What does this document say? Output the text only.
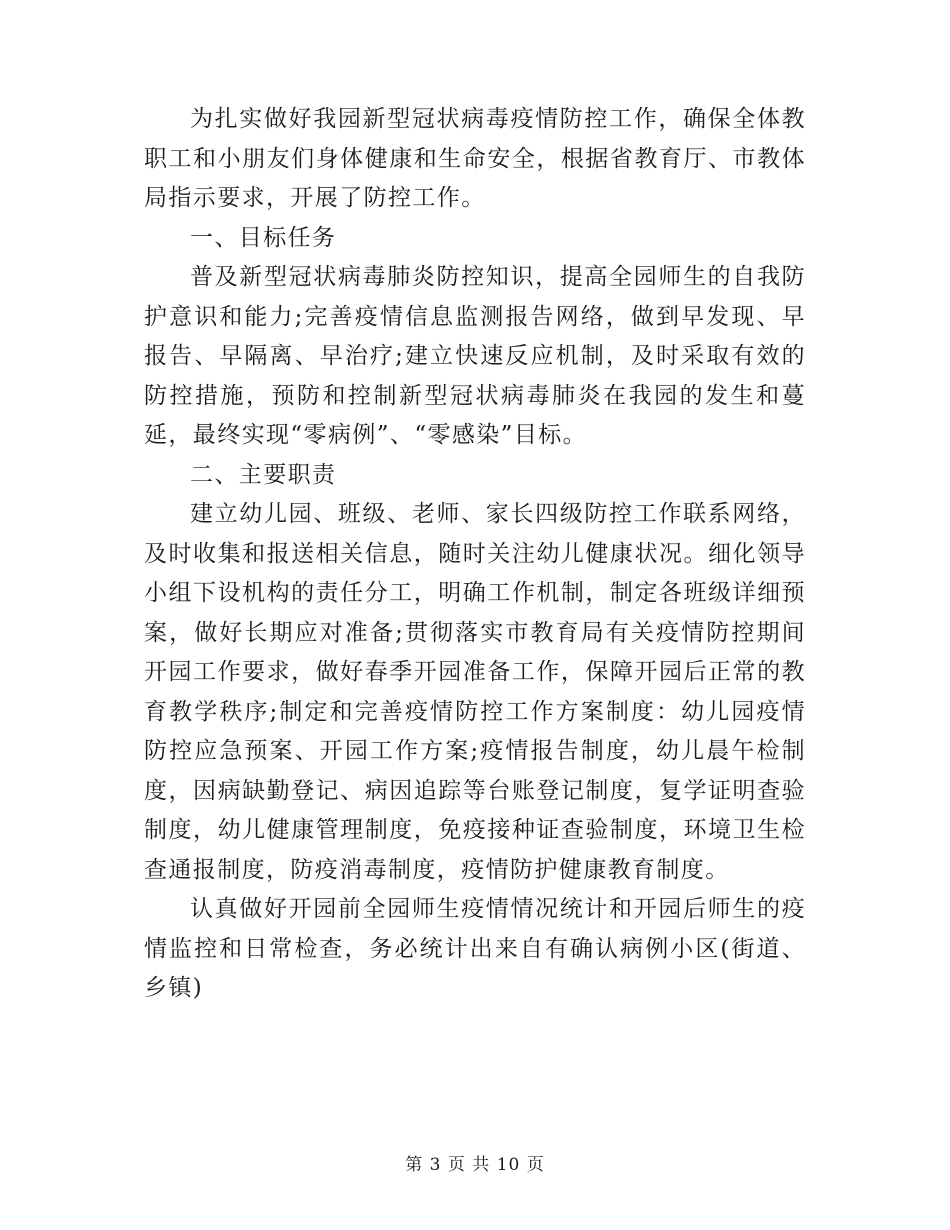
为扎实做好我园新型冠状病毒疫情防控工作，确保全体教职工和小朋友们身体健康和生命安全，根据省教育厅、市教体局指示要求，开展了防控工作。

一、目标任务

普及新型冠状病毒肺炎防控知识，提高全园师生的自我防护意识和能力;完善疫情信息监测报告网络，做到早发现、早报告、早隔离、早治疗;建立快速反应机制，及时采取有效的防控措施，预防和控制新型冠状病毒肺炎在我园的发生和蔓延，最终实现“零病例”、“零感染”目标。

二、主要职责

建立幼儿园、班级、老师、家长四级防控工作联系网络，及时收集和报送相关信息，随时关注幼儿健康状况。细化领导小组下设机构的责任分工，明确工作机制，制定各班级详细预案，做好长期应对准备;贯彻落实市教育局有关疫情防控期间开园工作要求，做好春季开园准备工作，保障开园后正常的教育教学秩序;制定和完善疫情防控工作方案制度：幼儿园疫情防控应急预案、开园工作方案;疫情报告制度，幼儿晨午检制度，因病缺勤登记、病因追踪等台账登记制度，复学证明查验制度，幼儿健康管理制度，免疫接种证查验制度，环境卫生检查通报制度，防疫消毒制度，疫情防护健康教育制度。

认真做好开园前全园师生疫情情况统计和开园后师生的疫情监控和日常检查，务必统计出来自有确认病例小区(街道、乡镇)

第 3 页 共 10 页
